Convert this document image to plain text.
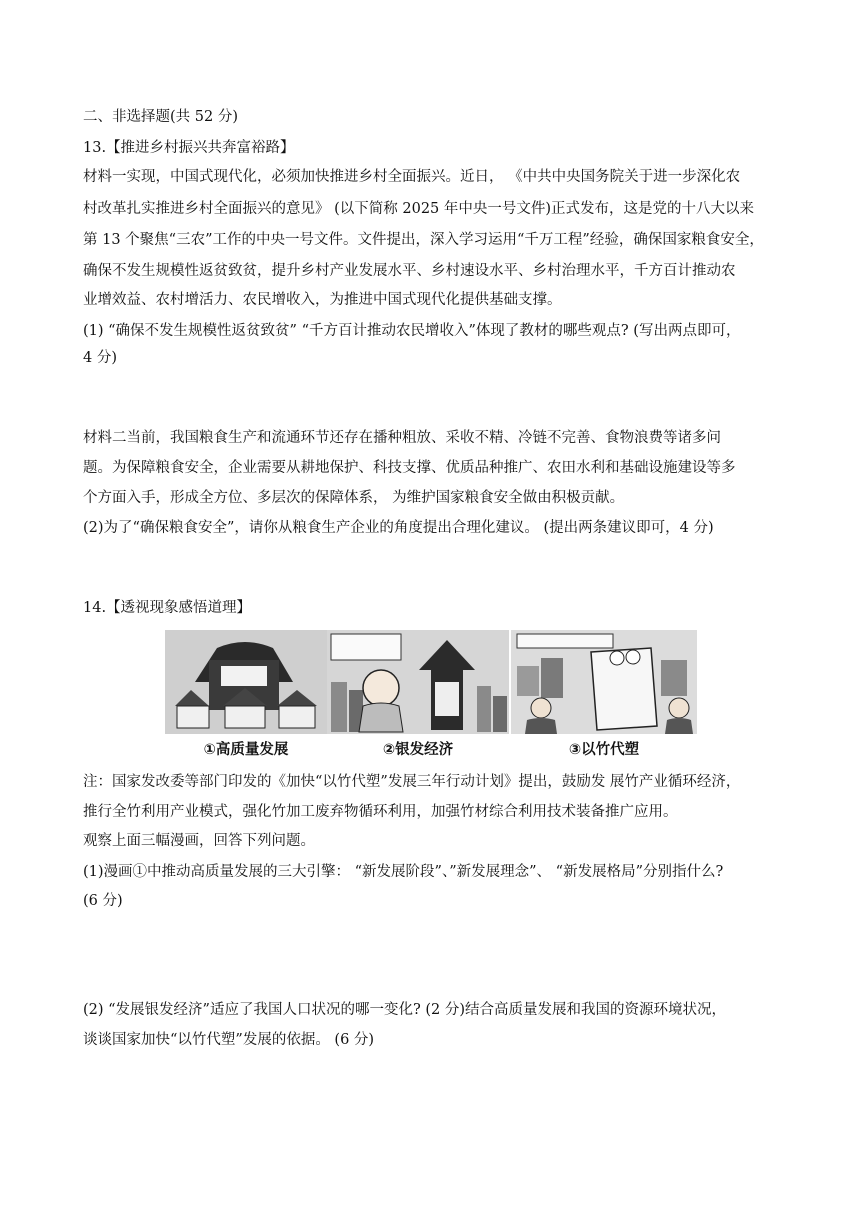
二、非选择题(共 52 分)
13.【推进乡村振兴共奔富裕路】
材料一实现，中国式现代化，必须加快推进乡村全面振兴。近日， 《中共中央国务院关于进一步深化农
村改革扎实推进乡村全面振兴的意见》 (以下简称 2025 年中央一号文件)正式发布，这是党的十八大以来
第 13 个聚焦“三农”工作的中央一号文件。文件提出，深入学习运用“千万工程”经验，确保国家粮食安全，
确保不发生规模性返贫致贫，提升乡村产业发展水平、乡村速设水平、乡村治理水平，千方百计推动农
业增效益、农村增活力、农民增收入，为推进中国式现代化提供基础支撑。
(1) “确保不发生规模性返贫致贫” “千方百计推动农民增收入”体现了教材的哪些观点? (写出两点即可，
4 分)
材料二当前，我国粮食生产和流通环节还存在播种粗放、采收不精、冷链不完善、食物浪费等诸多问
题。为保障粮食安全，企业需要从耕地保护、科技支撑、优质品种推广、农田水利和基础设施建设等多
个方面入手，形成全方位、多层次的保障体系， 为维护国家粮食安全做由积极贡献。
(2)为了“确保粮食安全”，请你从粮食生产企业的角度提出合理化建议。 (提出两条建议即可，4 分)
14.【透视现象感悟道理】
①高质量发展	②银发经济	③以竹代塑
注：国家发改委等部门印发的《加快“以竹代塑”发展三年行动计划》提出，鼓励发 展竹产业循环经济，
推行全竹利用产业模式，强化竹加工废弃物循环利用，加强竹材综合利用技术装备推广应用。
观察上面三幅漫画，回答下列问题。
(1)漫画①中推动高质量发展的三大引擎： “新发展阶段”、”新发展理念”、 “新发展格局”分别指什么?
(6 分)
(2) “发展银发经济”适应了我国人口状况的哪一变化? (2 分)结合高质量发展和我国的资源环境状况，
谈谈国家加快“以竹代塑”发展的依据。 (6 分)
